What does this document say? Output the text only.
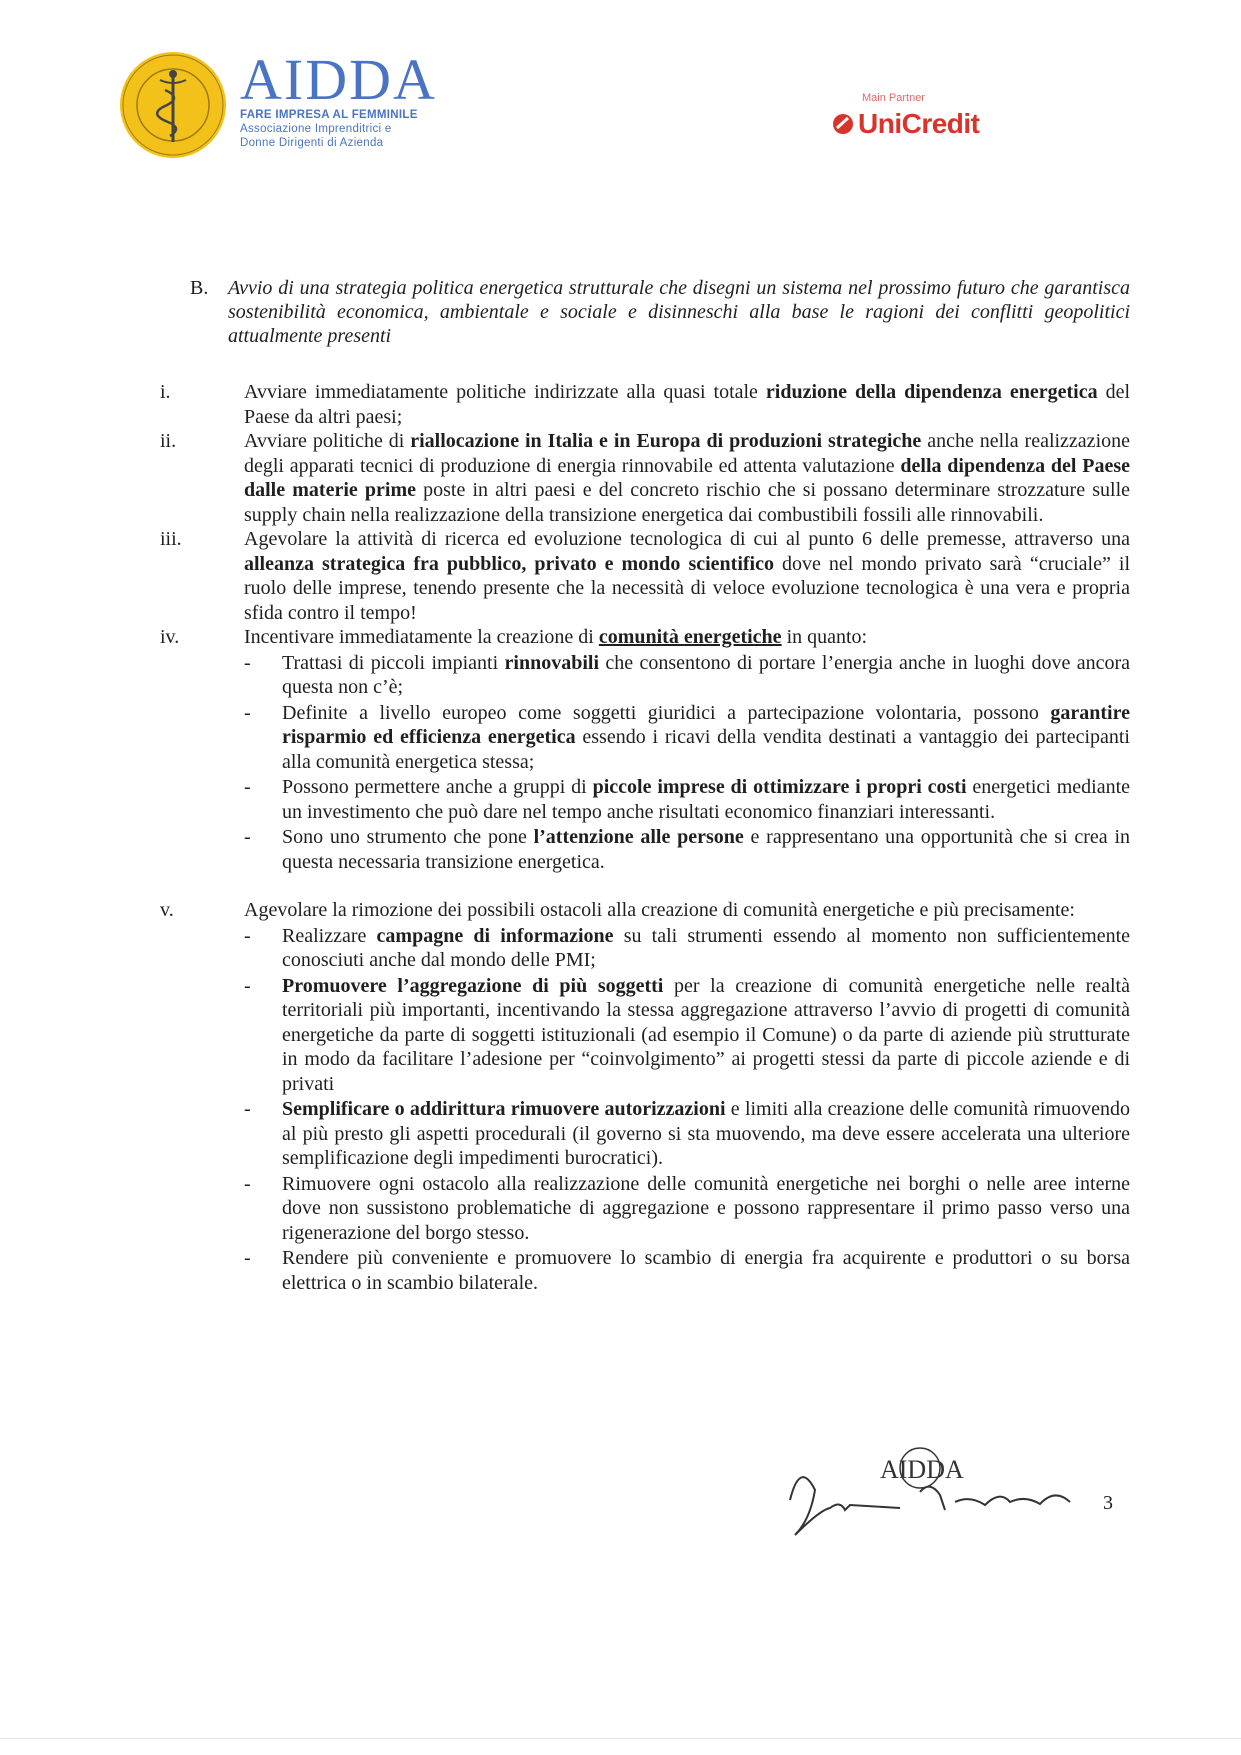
AIDDA
FARE IMPRESA AL FEMMINILE
Associazione Imprenditrici e
Donne Dirigenti di Azienda
Main Partner
UniCredit
B. Avvio di una strategia politica energetica strutturale che disegni un sistema nel prossimo futuro che garantisca sostenibilità economica, ambientale e sociale e disinneschi alla base le ragioni dei conflitti geopolitici attualmente presenti
i.	Avviare immediatamente politiche indirizzate alla quasi totale riduzione della dipendenza energetica del Paese da altri paesi;
ii.	Avviare politiche di riallocazione in Italia e in Europa di produzioni strategiche anche nella realizzazione degli apparati tecnici di produzione di energia rinnovabile ed attenta valutazione della dipendenza del Paese dalle materie prime poste in altri paesi e del concreto rischio che si possano determinare strozzature sulle supply chain nella realizzazione della transizione energetica dai combustibili fossili alle rinnovabili.
iii.	Agevolare la attività di ricerca ed evoluzione tecnologica di cui al punto 6 delle premesse, attraverso una alleanza strategica fra pubblico, privato e mondo scientifico dove nel mondo privato sarà “cruciale” il ruolo delle imprese, tenendo presente che la necessità di veloce evoluzione tecnologica è una vera e propria sfida contro il tempo!
iv.	Incentivare immediatamente la creazione di comunità energetiche in quanto:
- Trattasi di piccoli impianti rinnovabili che consentono di portare l’energia anche in luoghi dove ancora questa non c’è;
- Definite a livello europeo come soggetti giuridici a partecipazione volontaria, possono garantire risparmio ed efficienza energetica essendo i ricavi della vendita destinati a vantaggio dei partecipanti alla comunità energetica stessa;
- Possono permettere anche a gruppi di piccole imprese di ottimizzare i propri costi energetici mediante un investimento che può dare nel tempo anche risultati economico finanziari interessanti.
- Sono uno strumento che pone l’attenzione alle persone e rappresentano una opportunità che si crea in questa necessaria transizione energetica.
v.	Agevolare la rimozione dei possibili ostacoli alla creazione di comunità energetiche e più precisamente:
- Realizzare campagne di informazione su tali strumenti essendo al momento non sufficientemente conosciuti anche dal mondo delle PMI;
- Promuovere l’aggregazione di più soggetti per la creazione di comunità energetiche nelle realtà territoriali più importanti, incentivando la stessa aggregazione attraverso l’avvio di progetti di comunità energetiche da parte di soggetti istituzionali (ad esempio il Comune) o da parte di aziende più strutturate in modo da facilitare l’adesione per “coinvolgimento” ai progetti stessi da parte di piccole aziende e di privati
- Semplificare o addirittura rimuovere autorizzazioni e limiti alla creazione delle comunità rimuovendo al più presto gli aspetti procedurali (il governo si sta muovendo, ma deve essere accelerata una ulteriore semplificazione degli impedimenti burocratici).
- Rimuovere ogni ostacolo alla realizzazione delle comunità energetiche nei borghi o nelle aree interne dove non sussistono problematiche di aggregazione e possono rappresentare il primo passo verso una rigenerazione del borgo stesso.
- Rendere più conveniente e promuovere lo scambio di energia fra acquirente e produttori o su borsa elettrica o in scambio bilaterale.
AIDDA
3
